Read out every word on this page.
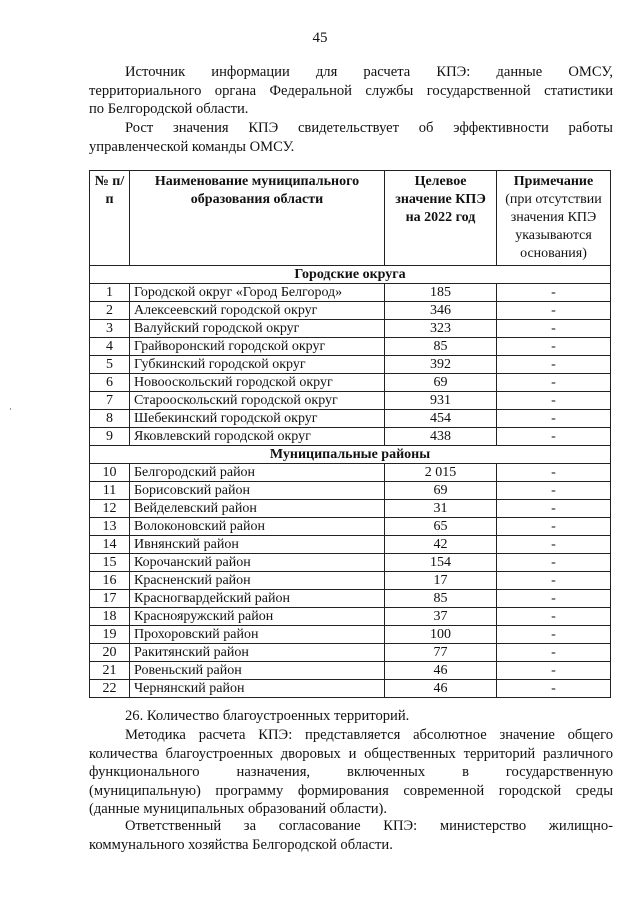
45
Источник информации для расчета КПЭ: данные ОМСУ,
территориального органа Федеральной службы государственной статистики
по Белгородской области.
Рост значения КПЭ свидетельствует об эффективности работы
управленческой команды ОМСУ.
№ п/п	Наименование муниципального образования области	Целевое значение КПЭ на 2022 год	Примечание
(при отсутствии значения КПЭ указываются основания)
Городские округа			
1	Городской округ «Город Белгород»	185	-
2	Алексеевский городской округ	346	-
3	Валуйский городской округ	323	-
4	Грайворонский городской округ	85	-
5	Губкинский городской округ	392	-
6	Новооскольский городской округ	69	-
7	Старооскольский городской округ	931	-
8	Шебекинский городской округ	454	-
9	Яковлевский городской округ	438	-
Муниципальные районы			
10	Белгородский район	2 015	-
11	Борисовский район	69	-
12	Вейделевский район	31	-
13	Волоконовский район	65	-
14	Ивнянский район	42	-
15	Корочанский район	154	-
16	Красненский район	17	-
17	Красногвардейский район	85	-
18	Краснояружский район	37	-
19	Прохоровский район	100	-
20	Ракитянский район	77	-
21	Ровеньский район	46	-
22	Чернянский район	46	-
26. Количество благоустроенных территорий.
Методика расчета КПЭ: представляется абсолютное значение общего
количества благоустроенных дворовых и общественных территорий различного
функционального назначения, включенных в государственную
(муниципальную) программу формирования современной городской среды
(данные муниципальных образований области).
Ответственный за согласование КПЭ: министерство жилищно-
коммунального хозяйства Белгородской области.
